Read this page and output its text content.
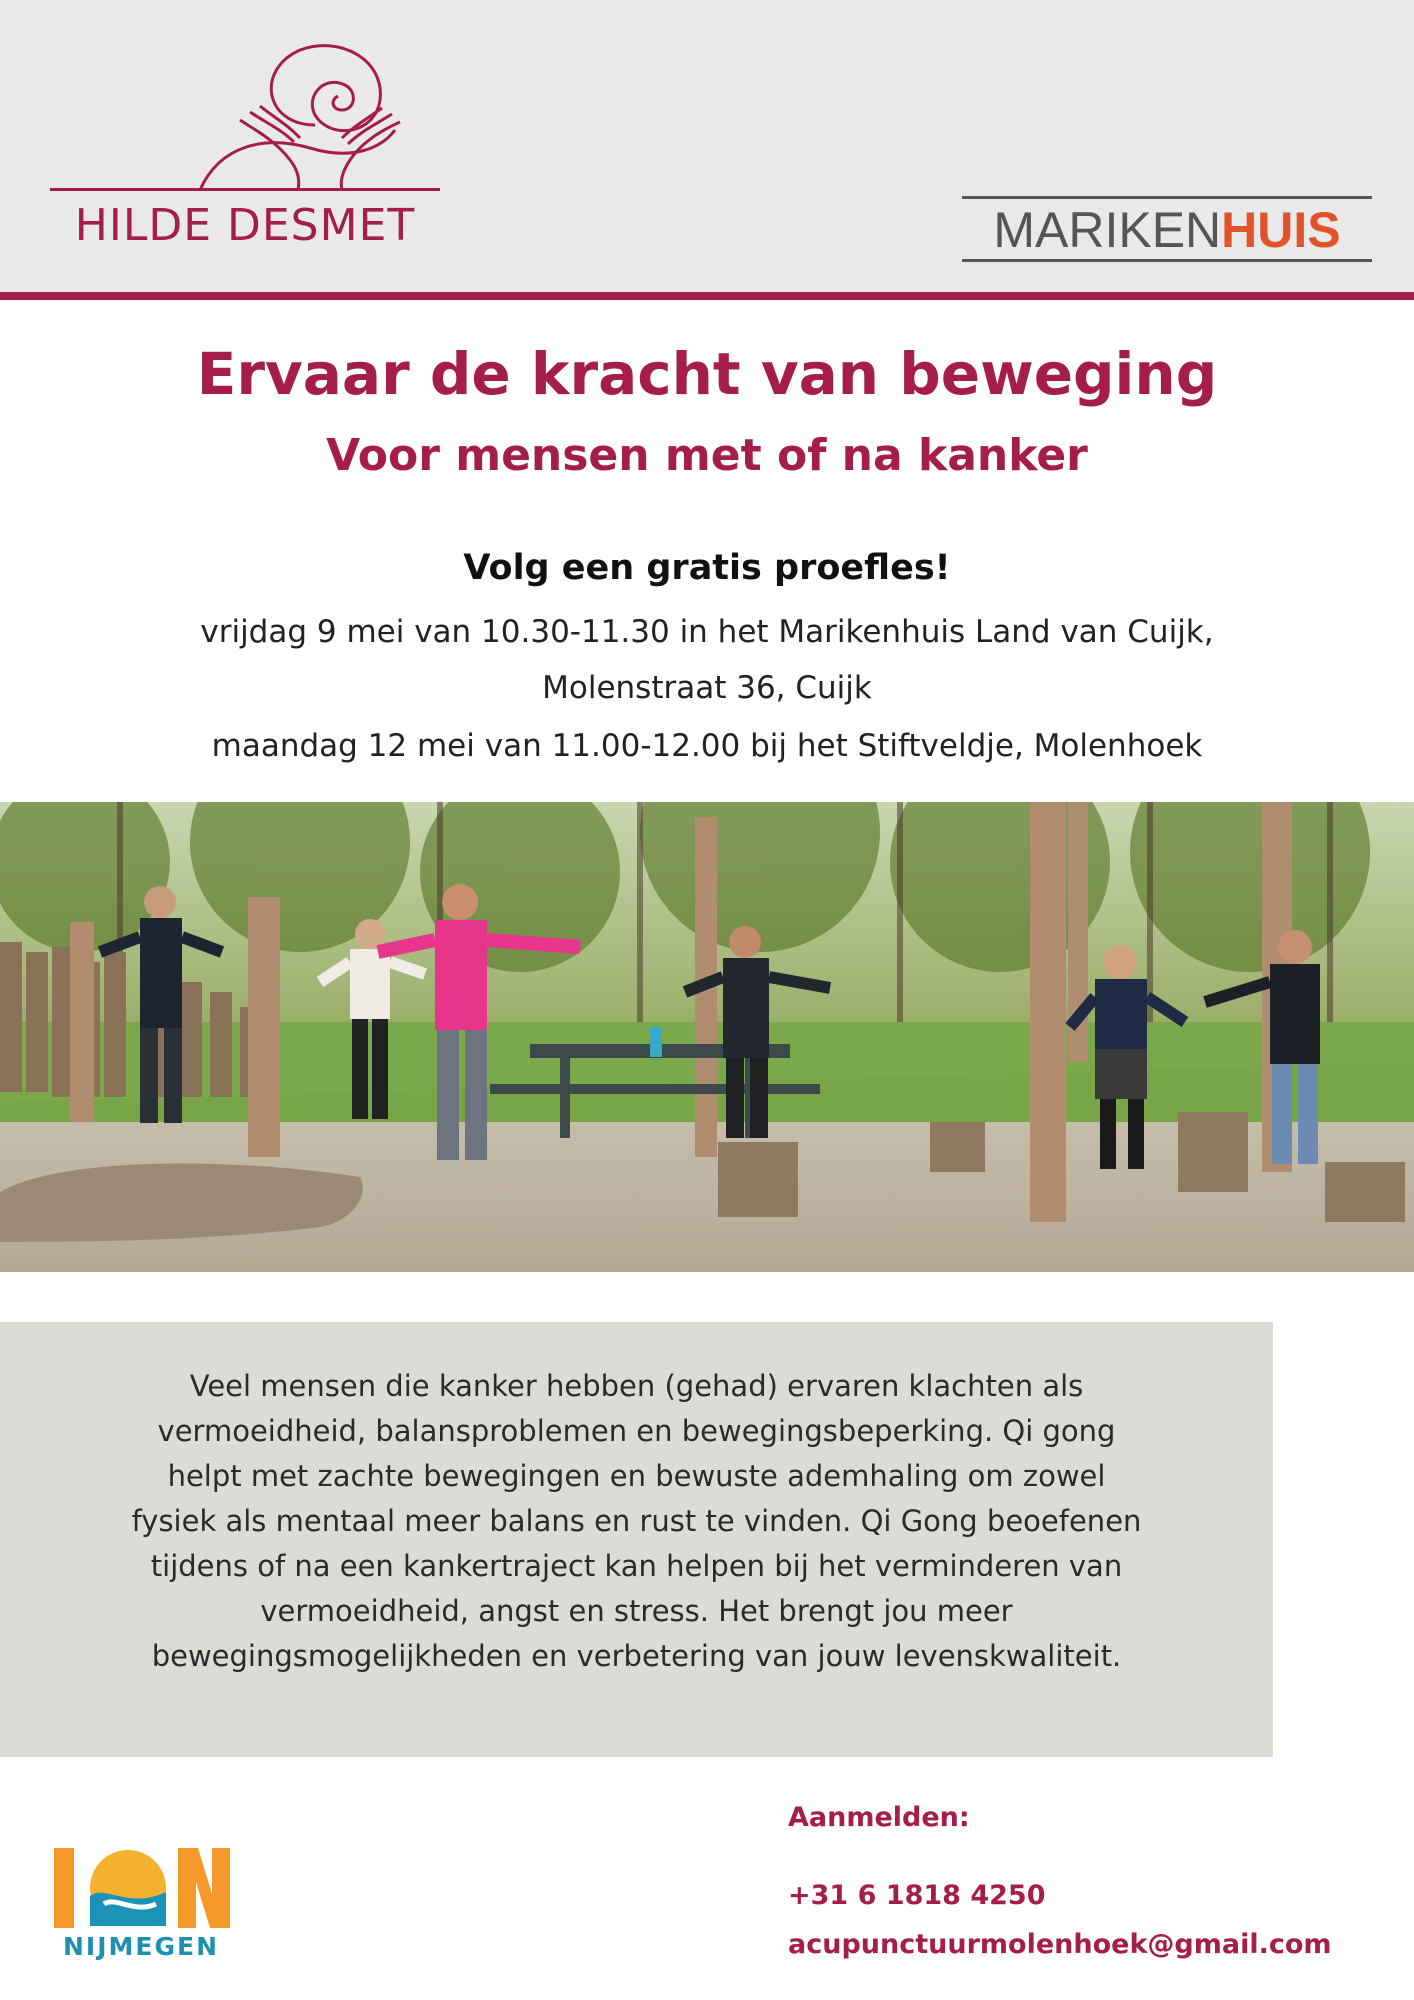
HILDE DESMET	MARIKENHUIS
Ervaar de kracht van beweging
Voor mensen met of na kanker
Volg een gratis proefles!
vrijdag 9 mei van 10.30-11.30 in het Marikenhuis Land van Cuijk,
Molenstraat 36, Cuijk
maandag 12 mei van 11.00-12.00 bij het Stiftveldje, Molenhoek
Veel mensen die kanker hebben (gehad) ervaren klachten als
vermoeidheid, balansproblemen en bewegingsbeperking. Qi gong
helpt met zachte bewegingen en bewuste ademhaling om zowel
fysiek als mentaal meer balans en rust te vinden. Qi Gong beoefenen
tijdens of na een kankertraject kan helpen bij het verminderen van
vermoeidheid, angst en stress. Het brengt jou meer
bewegingsmogelijkheden en verbetering van jouw levenskwaliteit.
NIJMEGEN
Aanmelden:
+31 6 1818 4250
acupunctuurmolenhoek@gmail.com
